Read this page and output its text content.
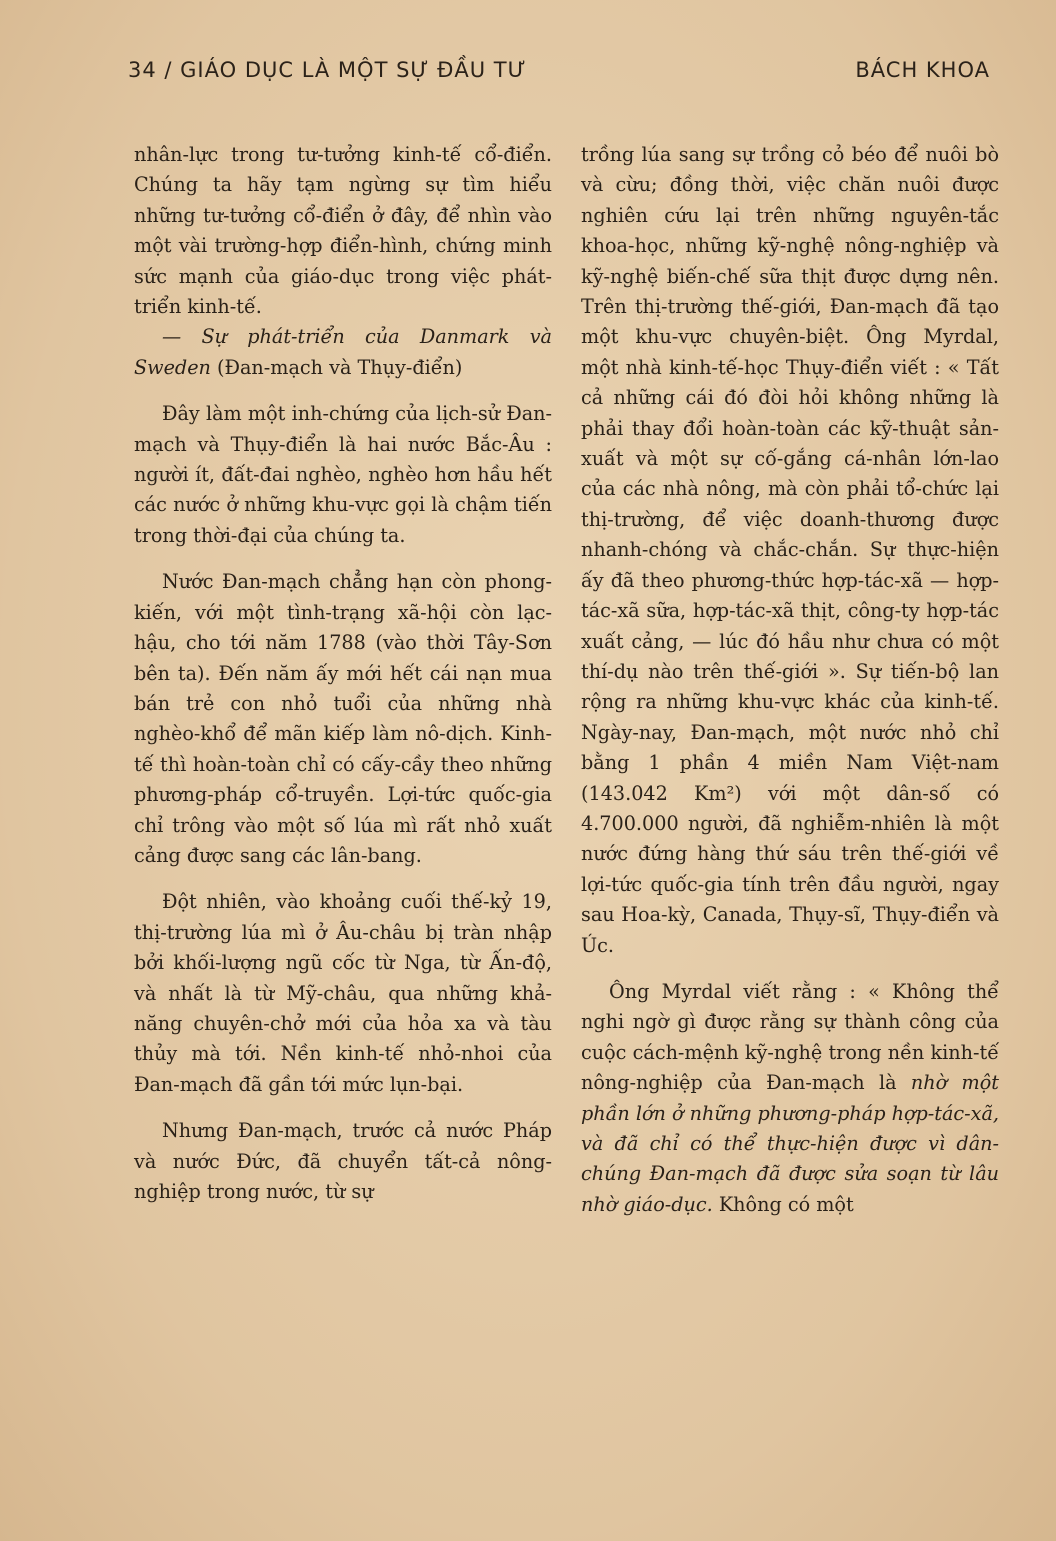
34 / GIÁO DỤC LÀ MỘT SỰ ĐẦU TƯ	BÁCH KHOA

nhân-lực trong tư-tưởng kinh-tế cổ-điển. Chúng ta hãy tạm ngừng sự tìm hiểu những tư-tưởng cổ-điển ở đây, để nhìn vào một vài trường-hợp điển-hình, chứng minh sức mạnh của giáo-dục trong việc phát-triển kinh-tế.

— Sự phát-triển của Danmark và Sweden (Đan-mạch và Thụy-điển)

Đây làm một inh-chứng của lịch-sử Đan-mạch và Thụy-điển là hai nước Bắc-Âu : người ít, đất-đai nghèo, nghèo hơn hầu hết các nước ở những khu-vực gọi là chậm tiến trong thời-đại của chúng ta.

Nước Đan-mạch chẳng hạn còn phong-kiến, với một tình-trạng xã-hội còn lạc-hậu, cho tới năm 1788 (vào thời Tây-Sơn bên ta). Đến năm ấy mới hết cái nạn mua bán trẻ con nhỏ tuổi của những nhà nghèo-khổ để mãn kiếp làm nô-dịch. Kinh-tế thì hoàn-toàn chỉ có cấy-cầy theo những phương-pháp cổ-truyền. Lợi-tức quốc-gia chỉ trông vào một số lúa mì rất nhỏ xuất cảng được sang các lân-bang.

Đột nhiên, vào khoảng cuối thế-kỷ 19, thị-trường lúa mì ở Âu-châu bị tràn nhập bởi khối-lượng ngũ cốc từ Nga, từ Ấn-độ, và nhất là từ Mỹ-châu, qua những khả-năng chuyên-chở mới của hỏa xa và tàu thủy mà tới. Nền kinh-tế nhỏ-nhoi của Đan-mạch đã gần tới mức lụn-bại.

Nhưng Đan-mạch, trước cả nước Pháp và nước Đức, đã chuyển tất-cả nông-nghiệp trong nước, từ sự

trồng lúa sang sự trồng cỏ béo để nuôi bò và cừu; đồng thời, việc chăn nuôi được nghiên cứu lại trên những nguyên-tắc khoa-học, những kỹ-nghệ nông-nghiệp và kỹ-nghệ biến-chế sữa thịt được dựng nên. Trên thị-trường thế-giới, Đan-mạch đã tạo một khu-vực chuyên-biệt. Ông Myrdal, một nhà kinh-tế-học Thụy-điển viết : « Tất cả những cái đó đòi hỏi không những là phải thay đổi hoàn-toàn các kỹ-thuật sản-xuất và một sự cố-gắng cá-nhân lớn-lao của các nhà nông, mà còn phải tổ-chức lại thị-trường, để việc doanh-thương được nhanh-chóng và chắc-chắn. Sự thực-hiện ấy đã theo phương-thức hợp-tác-xã — hợp-tác-xã sữa, hợp-tác-xã thịt, công-ty hợp-tác xuất cảng, — lúc đó hầu như chưa có một thí-dụ nào trên thế-giới ». Sự tiến-bộ lan rộng ra những khu-vực khác của kinh-tế. Ngày-nay, Đan-mạch, một nước nhỏ chỉ bằng 1 phần 4 miền Nam Việt-nam (143.042 Km²) với một dân-số có 4.700.000 người, đã nghiễm-nhiên là một nước đứng hàng thứ sáu trên thế-giới về lợi-tức quốc-gia tính trên đầu người, ngay sau Hoa-kỳ, Canada, Thụy-sĩ, Thụy-điển và Úc.

Ông Myrdal viết rằng : « Không thể nghi ngờ gì được rằng sự thành công của cuộc cách-mệnh kỹ-nghệ trong nền kinh-tế nông-nghiệp của Đan-mạch là nhờ một phần lớn ở những phương-pháp hợp-tác-xã, và đã chỉ có thể thực-hiện được vì dân-chúng Đan-mạch đã được sửa soạn từ lâu nhờ giáo-dục. Không có một
